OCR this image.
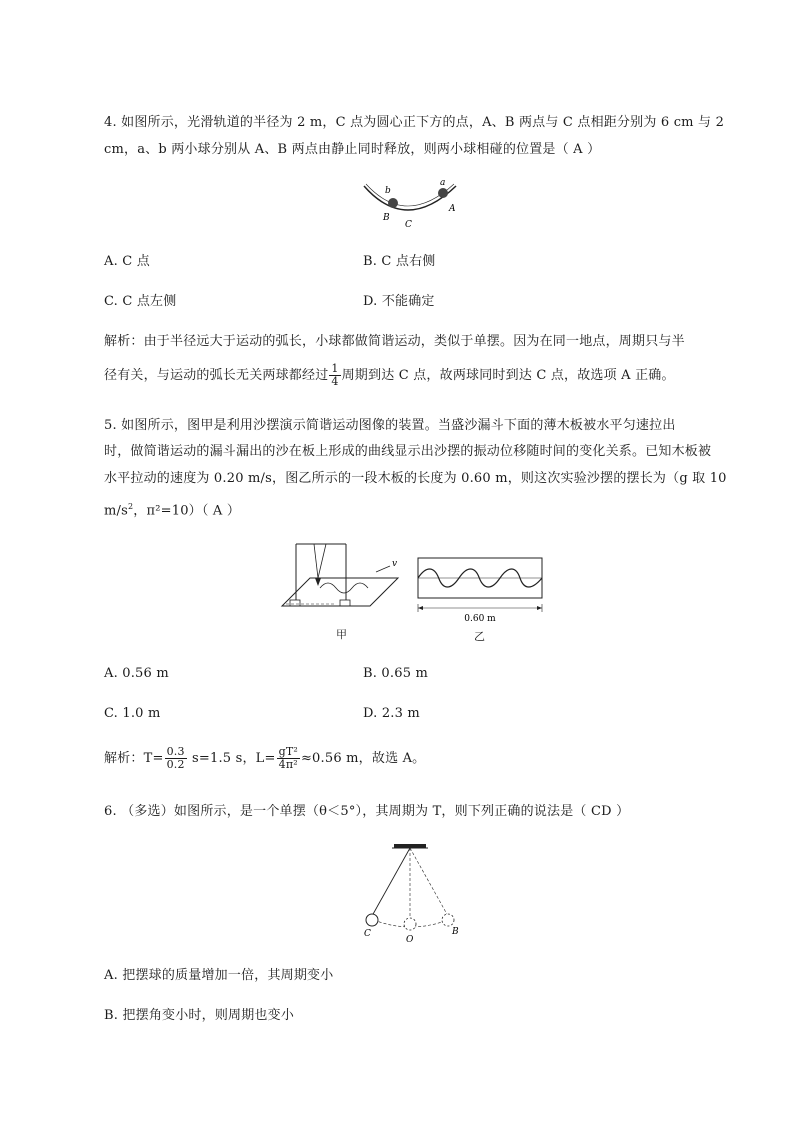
4. 如图所示，光滑轨道的半径为 2 m，C 点为圆心正下方的点，A、B 两点与 C 点相距分别为 6 cm 与 2
cm，a、b 两小球分别从 A、B 两点由静止同时释放，则两小球相碰的位置是（ A ）
b
a
B
C
A
A. C 点	B. C 点右侧
C. C 点左侧	D. 不能确定
解析：由于半径远大于运动的弧长，小球都做简谐运动，类似于单摆。因为在同一地点，周期只与半
径有关，与运动的弧长无关两球都经过 $\frac{1}{4}$ 周期到达 C 点，故两球同时到达 C 点，故选项 A 正确。
5. 如图所示，图甲是利用沙摆演示简谐运动图像的装置。当盛沙漏斗下面的薄木板被水平匀速拉出
时，做简谐运动的漏斗漏出的沙在板上形成的曲线显示出沙摆的振动位移随时间的变化关系。已知木板被
水平拉动的速度为 0.20 m/s，图乙所示的一段木板的长度为 0.60 m，则这次实验沙摆的摆长为（g 取 10
$m/s^2$，π²=10）（ A ）
v
0.60 m
甲	乙
A. 0.56 m	B. 0.65 m
C. 1.0 m	D. 2.3 m
解析：$T= \frac{0.3}{0.2} s=1.5$ s，$L= \frac{\text{gT²}}{\text{4π²}} \approx 0.56$ m，故选 A。
6. （多选）如图所示，是一个单摆（θ＜5°），其周期为 T，则下列正确的说法是（ CD ）
C
O
B
A. 把摆球的质量增加一倍，其周期变小
B. 把摆角变小时，则周期也变小
